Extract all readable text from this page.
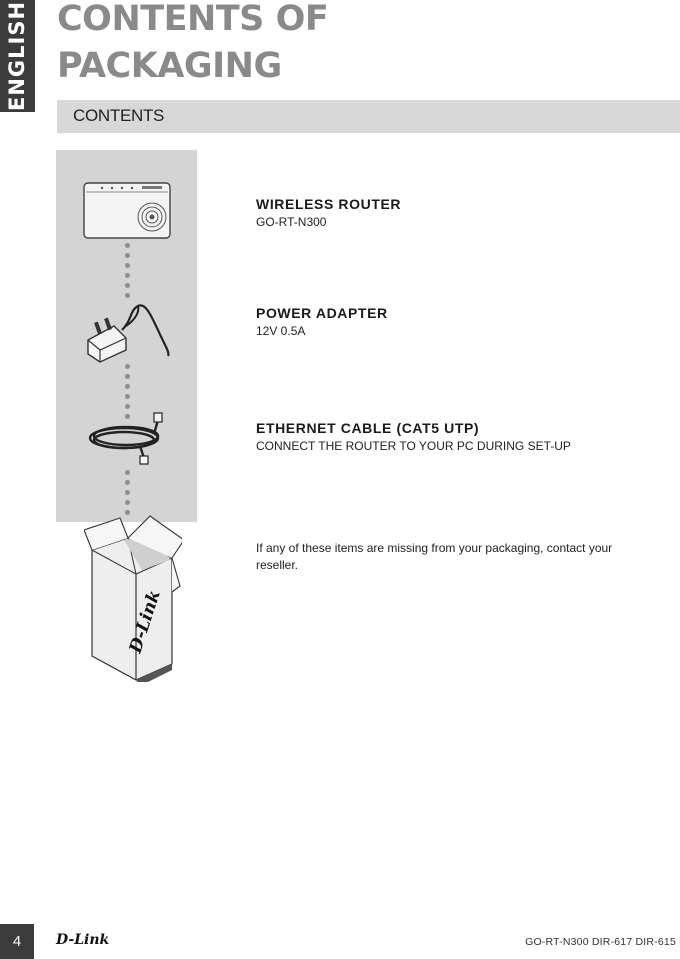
ENGLISH CONTENTS OF
PACKAGING
CONTENTS
D-Link
WIRELESS ROUTER
GO-RT-N300
POWER ADAPTER
12V 0.5A
ETHERNET CABLE (CAT5 UTP)
CONNECT THE ROUTER TO YOUR PC DURING SET-UP
If any of these items are missing from your packaging, contact your reseller.
4	D-Link	GO-RT-N300 DIR-617 DIR-615
